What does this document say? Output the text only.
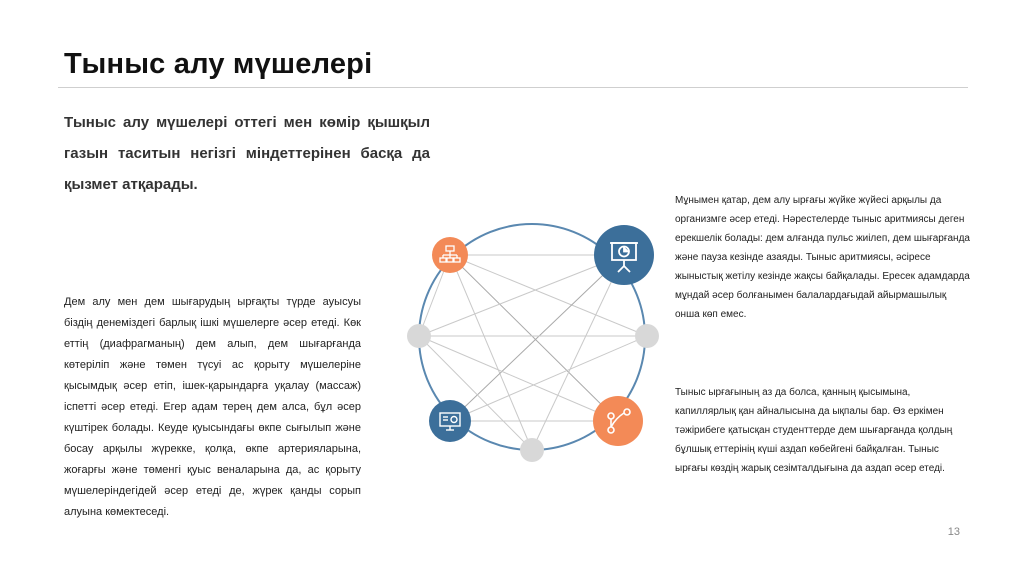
Тыныс алу мүшелері
Тыныс алу мүшелері оттегі мен көмір қышқыл газын таситын негізгі міндеттерінен басқа да қызмет атқарады.
Дем алу мен дем шығарудың ырғақты түрде ауысуы біздің денеміздегі барлық ішкі мүшелерге әсер етеді. Көк еттің (диафрагманың) дем алып, дем шығарғанда көтеріліп және төмен түсуі ас қорыту мүшелеріне қысымдық әсер етіп, ішек-қарындарға уқалау (массаж) іспетті әсер етеді. Егер адам терең дем алса, бұл әсер күштірек болады. Кеуде қуысындағы өкпе сығылып және босау арқылы жүрекке, қолқа, өкпе артерияларына, жоғарғы және төменгі қуыс веналарына да, ас қорыту мүшелеріндегідей әсер етеді де, жүрек қанды сорып алуына көмектеседі.
Мұнымен қатар, дем алу ырғағы жүйке жүйесі арқылы да организмге әсер етеді. Нәрестелерде тыныс аритмиясы деген ерекшелік болады: дем алғанда пульс жиілеп, дем шығарғанда және пауза кезінде азаяды. Тыныс аритмиясы, әсіресе жыныстық жетілу кезінде жақсы байқалады. Ересек адамдарда мұндай әсер болғанымен балалардағыдай айырмашылық онша көп емес.
Тыныс ырғағының аз да болса, қанның қысымына, капиллярлық қан айналысына да ықпалы бар. Өз еркімен тәжірибеге қатысқан студенттерде дем шығарғанда қолдың бұлшық еттерінің күші аздап көбейгені байқалған. Тыныс ырғағы көздің жарық сезімталдығына да аздап әсер етеді.
13
